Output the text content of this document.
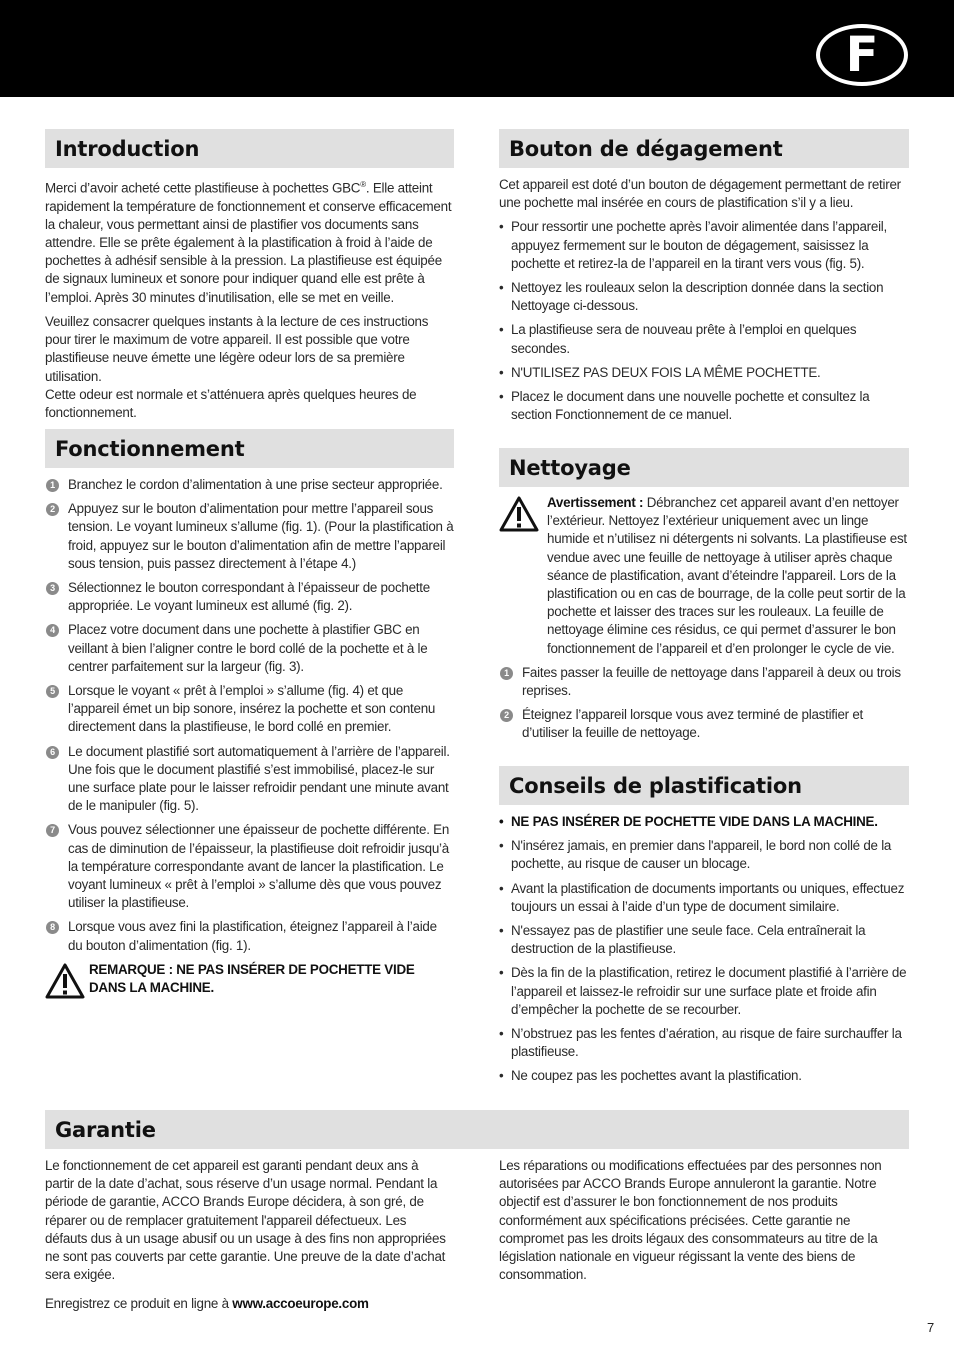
F
Introduction

Merci d’avoir acheté cette plastifieuse à pochettes GBC®. Elle atteint rapidement la température de fonctionnement et conserve efficacement la chaleur, vous permettant ainsi de plastifier vos documents sans attendre. Elle se prête également à la plastification à froid à l’aide de pochettes à adhésif sensible à la pression. La plastifieuse est équipée de signaux lumineux et sonore pour indiquer quand elle est prête à l’emploi. Après 30 minutes d’inutilisation, elle se met en veille.

Veuillez consacrer quelques instants à la lecture de ces instructions pour tirer le maximum de votre appareil. Il est possible que votre plastifieuse neuve émette une légère odeur lors de sa première utilisation.

Cette odeur est normale et s’atténuera après quelques heures de fonctionnement.

Fonctionnement
1 Branchez le cordon d’alimentation à une prise secteur appropriée.
2 Appuyez sur le bouton d’alimentation pour mettre l’appareil sous tension. Le voyant lumineux s’allume (fig. 1). (Pour la plastification à froid, appuyez sur le bouton d’alimentation afin de mettre l’appareil sous tension, puis passez directement à l’étape 4.)
3 Sélectionnez le bouton correspondant à l’épaisseur de pochette appropriée. Le voyant lumineux est allumé (fig. 2).
4 Placez votre document dans une pochette à plastifier GBC en veillant à bien l’aligner contre le bord collé de la pochette et à le centrer parfaitement sur la largeur (fig. 3).
5 Lorsque le voyant « prêt à l’emploi » s’allume (fig. 4) et que l’appareil émet un bip sonore, insérez la pochette et son contenu directement dans la plastifieuse, le bord collé en premier.
6 Le document plastifié sort automatiquement à l’arrière de l’appareil. Une fois que le document plastifié s’est immobilisé, placez-le sur une surface plate pour le laisser refroidir pendant une minute avant de le manipuler (fig. 5).
7 Vous pouvez sélectionner une épaisseur de pochette différente. En cas de diminution de l’épaisseur, la plastifieuse doit refroidir jusqu’à la température correspondante avant de lancer la plastification. Le voyant lumineux « prêt à l’emploi » s’allume dès que vous pouvez utiliser la plastifieuse.
8 Lorsque vous avez fini la plastification, éteignez l’appareil à l’aide du bouton d’alimentation (fig. 1).
REMARQUE : NE PAS INSÉRER DE POCHETTE VIDE DANS LA MACHINE.
Bouton de dégagement

Cet appareil est doté d’un bouton de dégagement permettant de retirer une pochette mal insérée en cours de plastification s’il y a lieu.

• Pour ressortir une pochette après l’avoir alimentée dans l’appareil, appuyez fermement sur le bouton de dégagement, saisissez la pochette et retirez-la de l’appareil en la tirant vers vous (fig. 5).
• Nettoyez les rouleaux selon la description donnée dans la section Nettoyage ci-dessous.
• La plastifieuse sera de nouveau prête à l’emploi en quelques secondes.
• N'UTILISEZ PAS DEUX FOIS LA MÊME POCHETTE.
• Placez le document dans une nouvelle pochette et consultez la section Fonctionnement de ce manuel.
Nettoyage
Avertissement : Débranchez cet appareil avant d’en nettoyer l’extérieur. Nettoyez l’extérieur uniquement avec un linge humide et n’utilisez ni détergents ni solvants. La plastifieuse est vendue avec une feuille de nettoyage à utiliser après chaque séance de plastification, avant d’éteindre l'appareil. Lors de la plastification ou en cas de bourrage, de la colle peut sortir de la pochette et laisser des traces sur les rouleaux. La feuille de nettoyage élimine ces résidus, ce qui permet d’assurer le bon fonctionnement de l’appareil et d’en prolonger le cycle de vie.
1 Faites passer la feuille de nettoyage dans l’appareil à deux ou trois reprises.
2 Éteignez l’appareil lorsque vous avez terminé de plastifier et d’utiliser la feuille de nettoyage.
Conseils de plastification
• NE PAS INSÉRER DE POCHETTE VIDE DANS LA MACHINE.
• N'insérez jamais, en premier dans l'appareil, le bord non collé de la pochette, au risque de causer un blocage.
• Avant la plastification de documents importants ou uniques, effectuez toujours un essai à l’aide d’un type de document similaire.
• N'essayez pas de plastifier une seule face. Cela entraînerait la destruction de la plastifieuse.
• Dès la fin de la plastification, retirez le document plastifié à l’arrière de l’appareil et laissez-le refroidir sur une surface plate et froide afin d’empêcher la pochette de se recourber.
• N’obstruez pas les fentes d’aération, au risque de faire surchauffer la plastifieuse.
• Ne coupez pas les pochettes avant la plastification.
Garantie

Le fonctionnement de cet appareil est garanti pendant deux ans à partir de la date d’achat, sous réserve d’un usage normal. Pendant la période de garantie, ACCO Brands Europe décidera, à son gré, de réparer ou de remplacer gratuitement l'appareil défectueux. Les défauts dus à un usage abusif ou un usage à des fins non appropriées ne sont pas couverts par cette garantie. Une preuve de la date d’achat sera exigée.

Enregistrez ce produit en ligne à www.accoeurope.com

Les réparations ou modifications effectuées par des personnes non autorisées par ACCO Brands Europe annuleront la garantie. Notre objectif est d’assurer le bon fonctionnement de nos produits conformément aux spécifications précisées. Cette garantie ne compromet pas les droits légaux des consommateurs au titre de la législation nationale en vigueur régissant la vente des biens de consommation.

7
